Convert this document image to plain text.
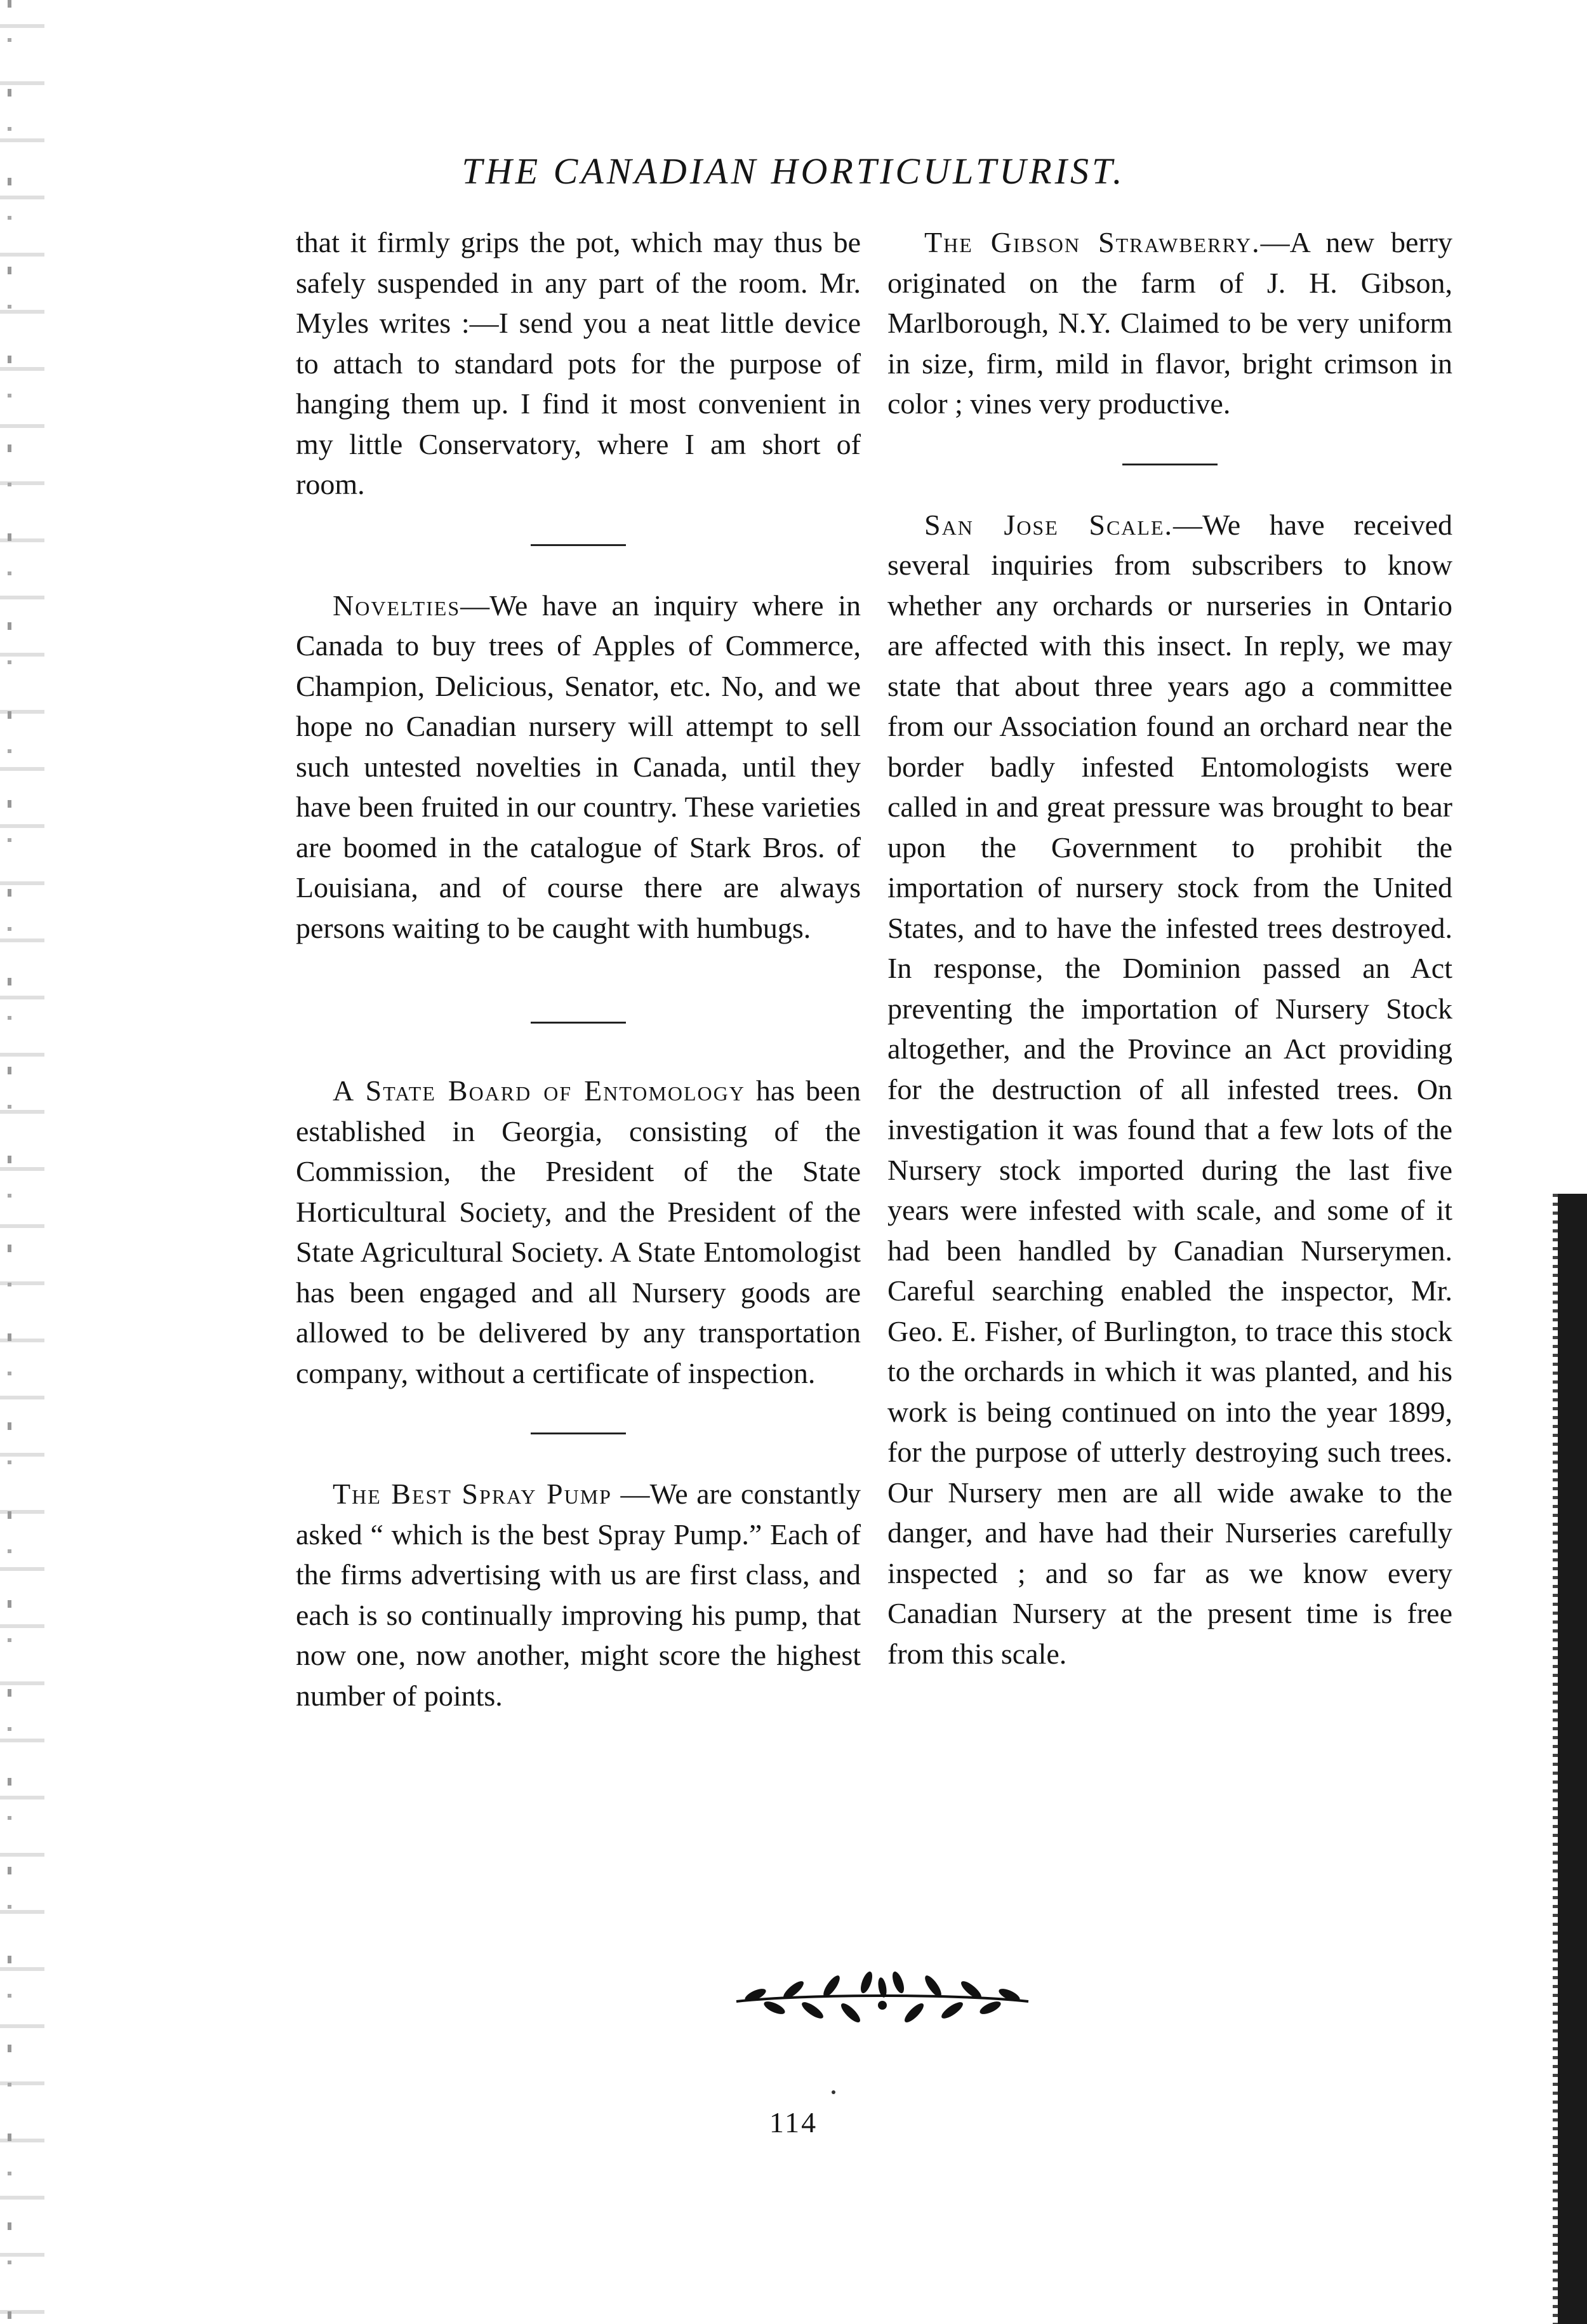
THE CANADIAN HORTICULTURIST.

that it firmly grips the pot, which may thus be safely suspended in any part of the room. Mr. Myles writes :—I send you a neat little device to attach to standard pots for the purpose of hanging them up. I find it most convenient in my little Conservatory, where I am short of room.

Novelties—We have an inquiry where in Canada to buy trees of Apples of Commerce, Champion, Delicious, Senator, etc. No, and we hope no Canadian nursery will attempt to sell such untested novelties in Canada, until they have been fruited in our country. These varieties are boomed in the catalogue of Stark Bros. of Louisiana, and of course there are always persons waiting to be caught with humbugs.

A State Board of Entomology has been established in Georgia, consisting of the Commission, the President of the State Horticultural Society, and the President of the State Agricultural Society. A State Entomologist has been engaged and all Nursery goods are allowed to be delivered by any transportation company, without a certificate of inspection.

The Best Spray Pump —We are constantly asked “ which is the best Spray Pump.” Each of the firms advertising with us are first class, and each is so continually improving his pump, that now one, now another, might score the highest number of points.

The Gibson Strawberry.—A new berry originated on the farm of J. H. Gibson, Marlborough, N.Y. Claimed to be very uniform in size, firm, mild in flavor, bright crimson in color ; vines very productive.

San Jose Scale.—We have received several inquiries from subscribers to know whether any orchards or nurseries in Ontario are affected with this insect. In reply, we may state that about three years ago a committee from our Association found an orchard near the border badly infested Entomologists were called in and great pressure was brought to bear upon the Government to prohibit the importation of nursery stock from the United States, and to have the infested trees destroyed. In response, the Dominion passed an Act preventing the importation of Nursery Stock altogether, and the Province an Act providing for the destruction of all infested trees. On investigation it was found that a few lots of the Nursery stock imported during the last five years were infested with scale, and some of it had been handled by Canadian Nurserymen. Careful searching enabled the inspector, Mr. Geo. E. Fisher, of Burlington, to trace this stock to the orchards in which it was planted, and his work is being continued on into the year 1899, for the purpose of utterly destroying such trees. Our Nursery men are all wide awake to the danger, and have had their Nurseries carefully inspected ; and so far as we know every Canadian Nursery at the present time is free from this scale.

114
